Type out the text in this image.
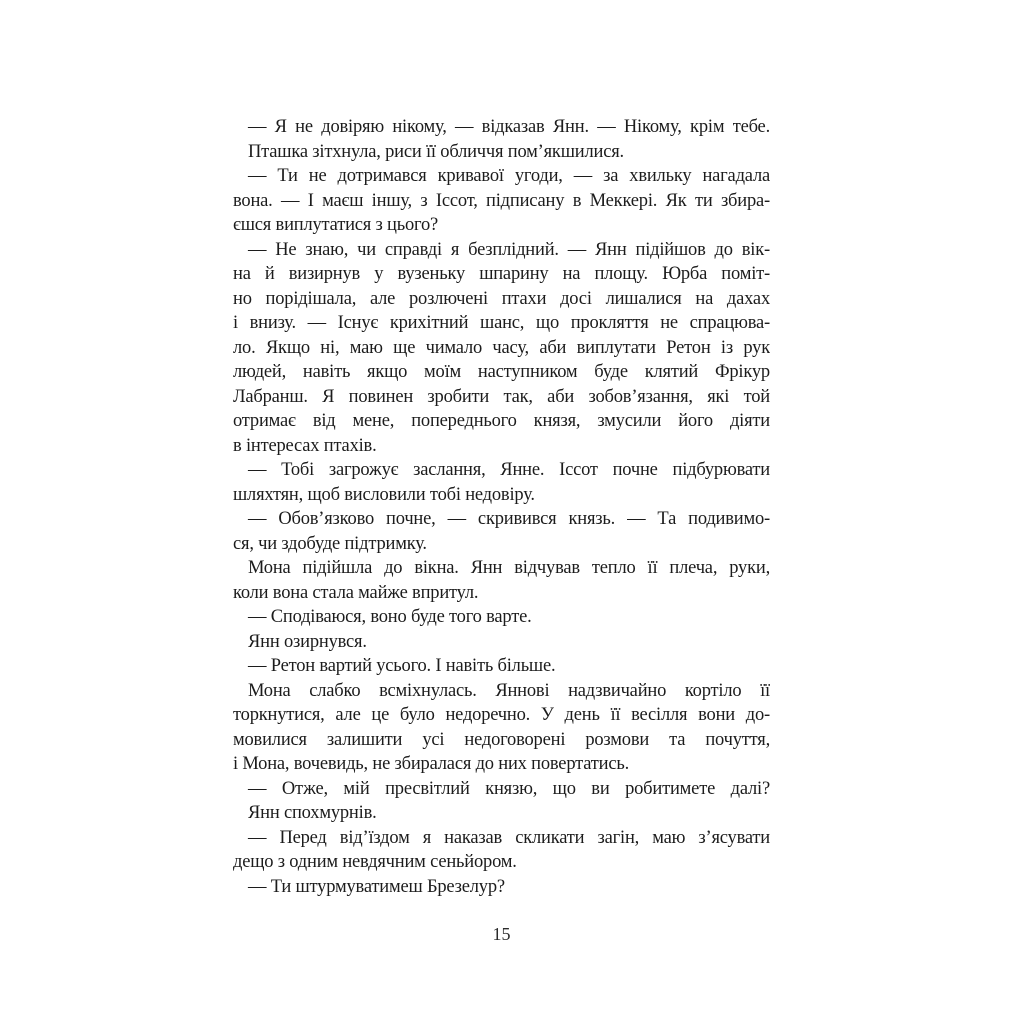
— Я не довіряю нікому, — відказав Янн. — Нікому, крім тебе.
Пташка зітхнула, риси її обличчя пом’якшилися.
— Ти не дотримався кривавої угоди, — за хвильку нагадала
вона. — І маєш іншу, з Іссот, підписану в Меккері. Як ти збира-
єшся виплутатися з цього?
— Не знаю, чи справді я безплідний. — Янн підійшов до вік-
на й визирнув у вузеньку шпарину на площу. Юрба поміт-
но порідішала, але розлючені птахи досі лишалися на дахах
і внизу. — Існує крихітний шанс, що прокляття не спрацюва-
ло. Якщо ні, маю ще чимало часу, аби виплутати Ретон із рук
людей, навіть якщо моїм наступником буде клятий Фрікур
Лабранш. Я повинен зробити так, аби зобов’язання, які той
отримає від мене, попереднього князя, змусили його діяти
в інтересах птахів.
— Тобі загрожує заслання, Янне. Іссот почне підбурювати
шляхтян, щоб висловили тобі недовіру.
— Обов’язково почне, — скривився князь. — Та подивимо-
ся, чи здобуде підтримку.
Мона підійшла до вікна. Янн відчував тепло її плеча, руки,
коли вона стала майже впритул.
— Сподіваюся, воно буде того варте.
Янн озирнувся.
— Ретон вартий усього. І навіть більше.
Мона слабко всміхнулась. Яннові надзвичайно кортіло її
торкнутися, але це було недоречно. У день її весілля вони до-
мовилися залишити усі недоговорені розмови та почуття,
і Мона, вочевидь, не збиралася до них повертатись.
— Отже, мій пресвітлий князю, що ви робитимете далі?
Янн спохмурнів.
— Перед від’їздом я наказав скликати загін, маю з’ясувати
дещо з одним невдячним сеньйором.
— Ти штурмуватимеш Брезелур?
15
